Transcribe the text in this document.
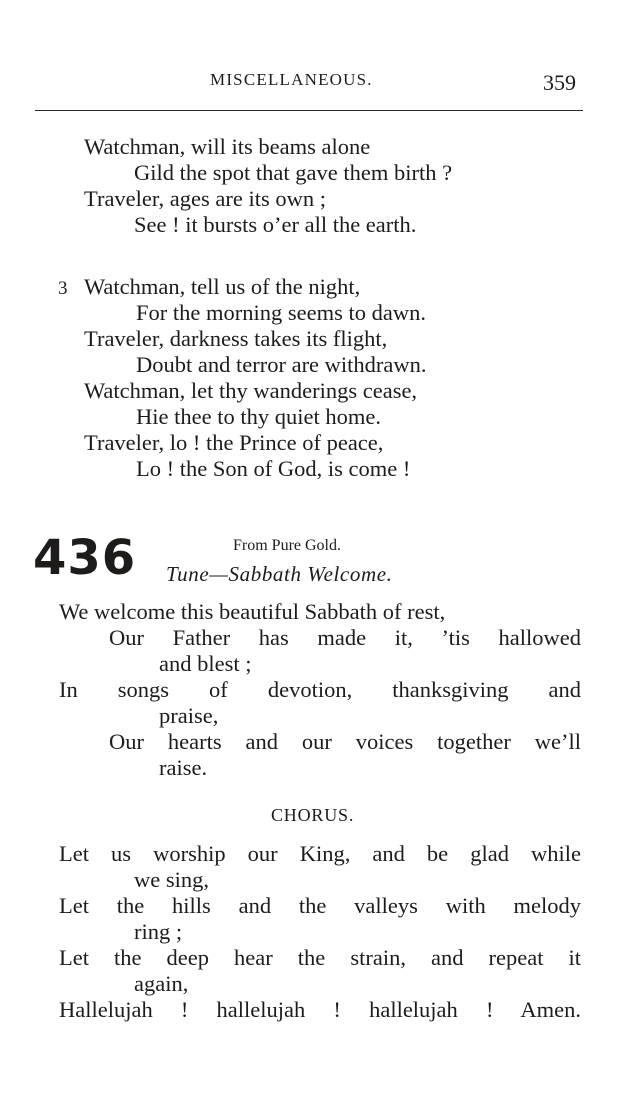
MISCELLANEOUS.	359
Watchman, will its beams alone
Gild the spot that gave them birth ?
Traveler, ages are its own ;
See ! it bursts o’er all the earth.
3 Watchman, tell us of the night,
For the morning seems to dawn.
Traveler, darkness takes its flight,
Doubt and terror are withdrawn.
Watchman, let thy wanderings cease,
Hie thee to thy quiet home.
Traveler, lo ! the Prince of peace,
Lo ! the Son of God, is come !
436	From Pure Gold.
Tune—Sabbath Welcome.
We welcome this beautiful Sabbath of rest,
Our Father has made it, ’tis hallowed
and blest ;
In songs of devotion, thanksgiving and
praise,
Our hearts and our voices together we’ll
raise.
CHORUS.
Let us worship our King, and be glad while
we sing,
Let the hills and the valleys with melody
ring ;
Let the deep hear the strain, and repeat it
again,
Hallelujah ! hallelujah ! hallelujah ! Amen.
